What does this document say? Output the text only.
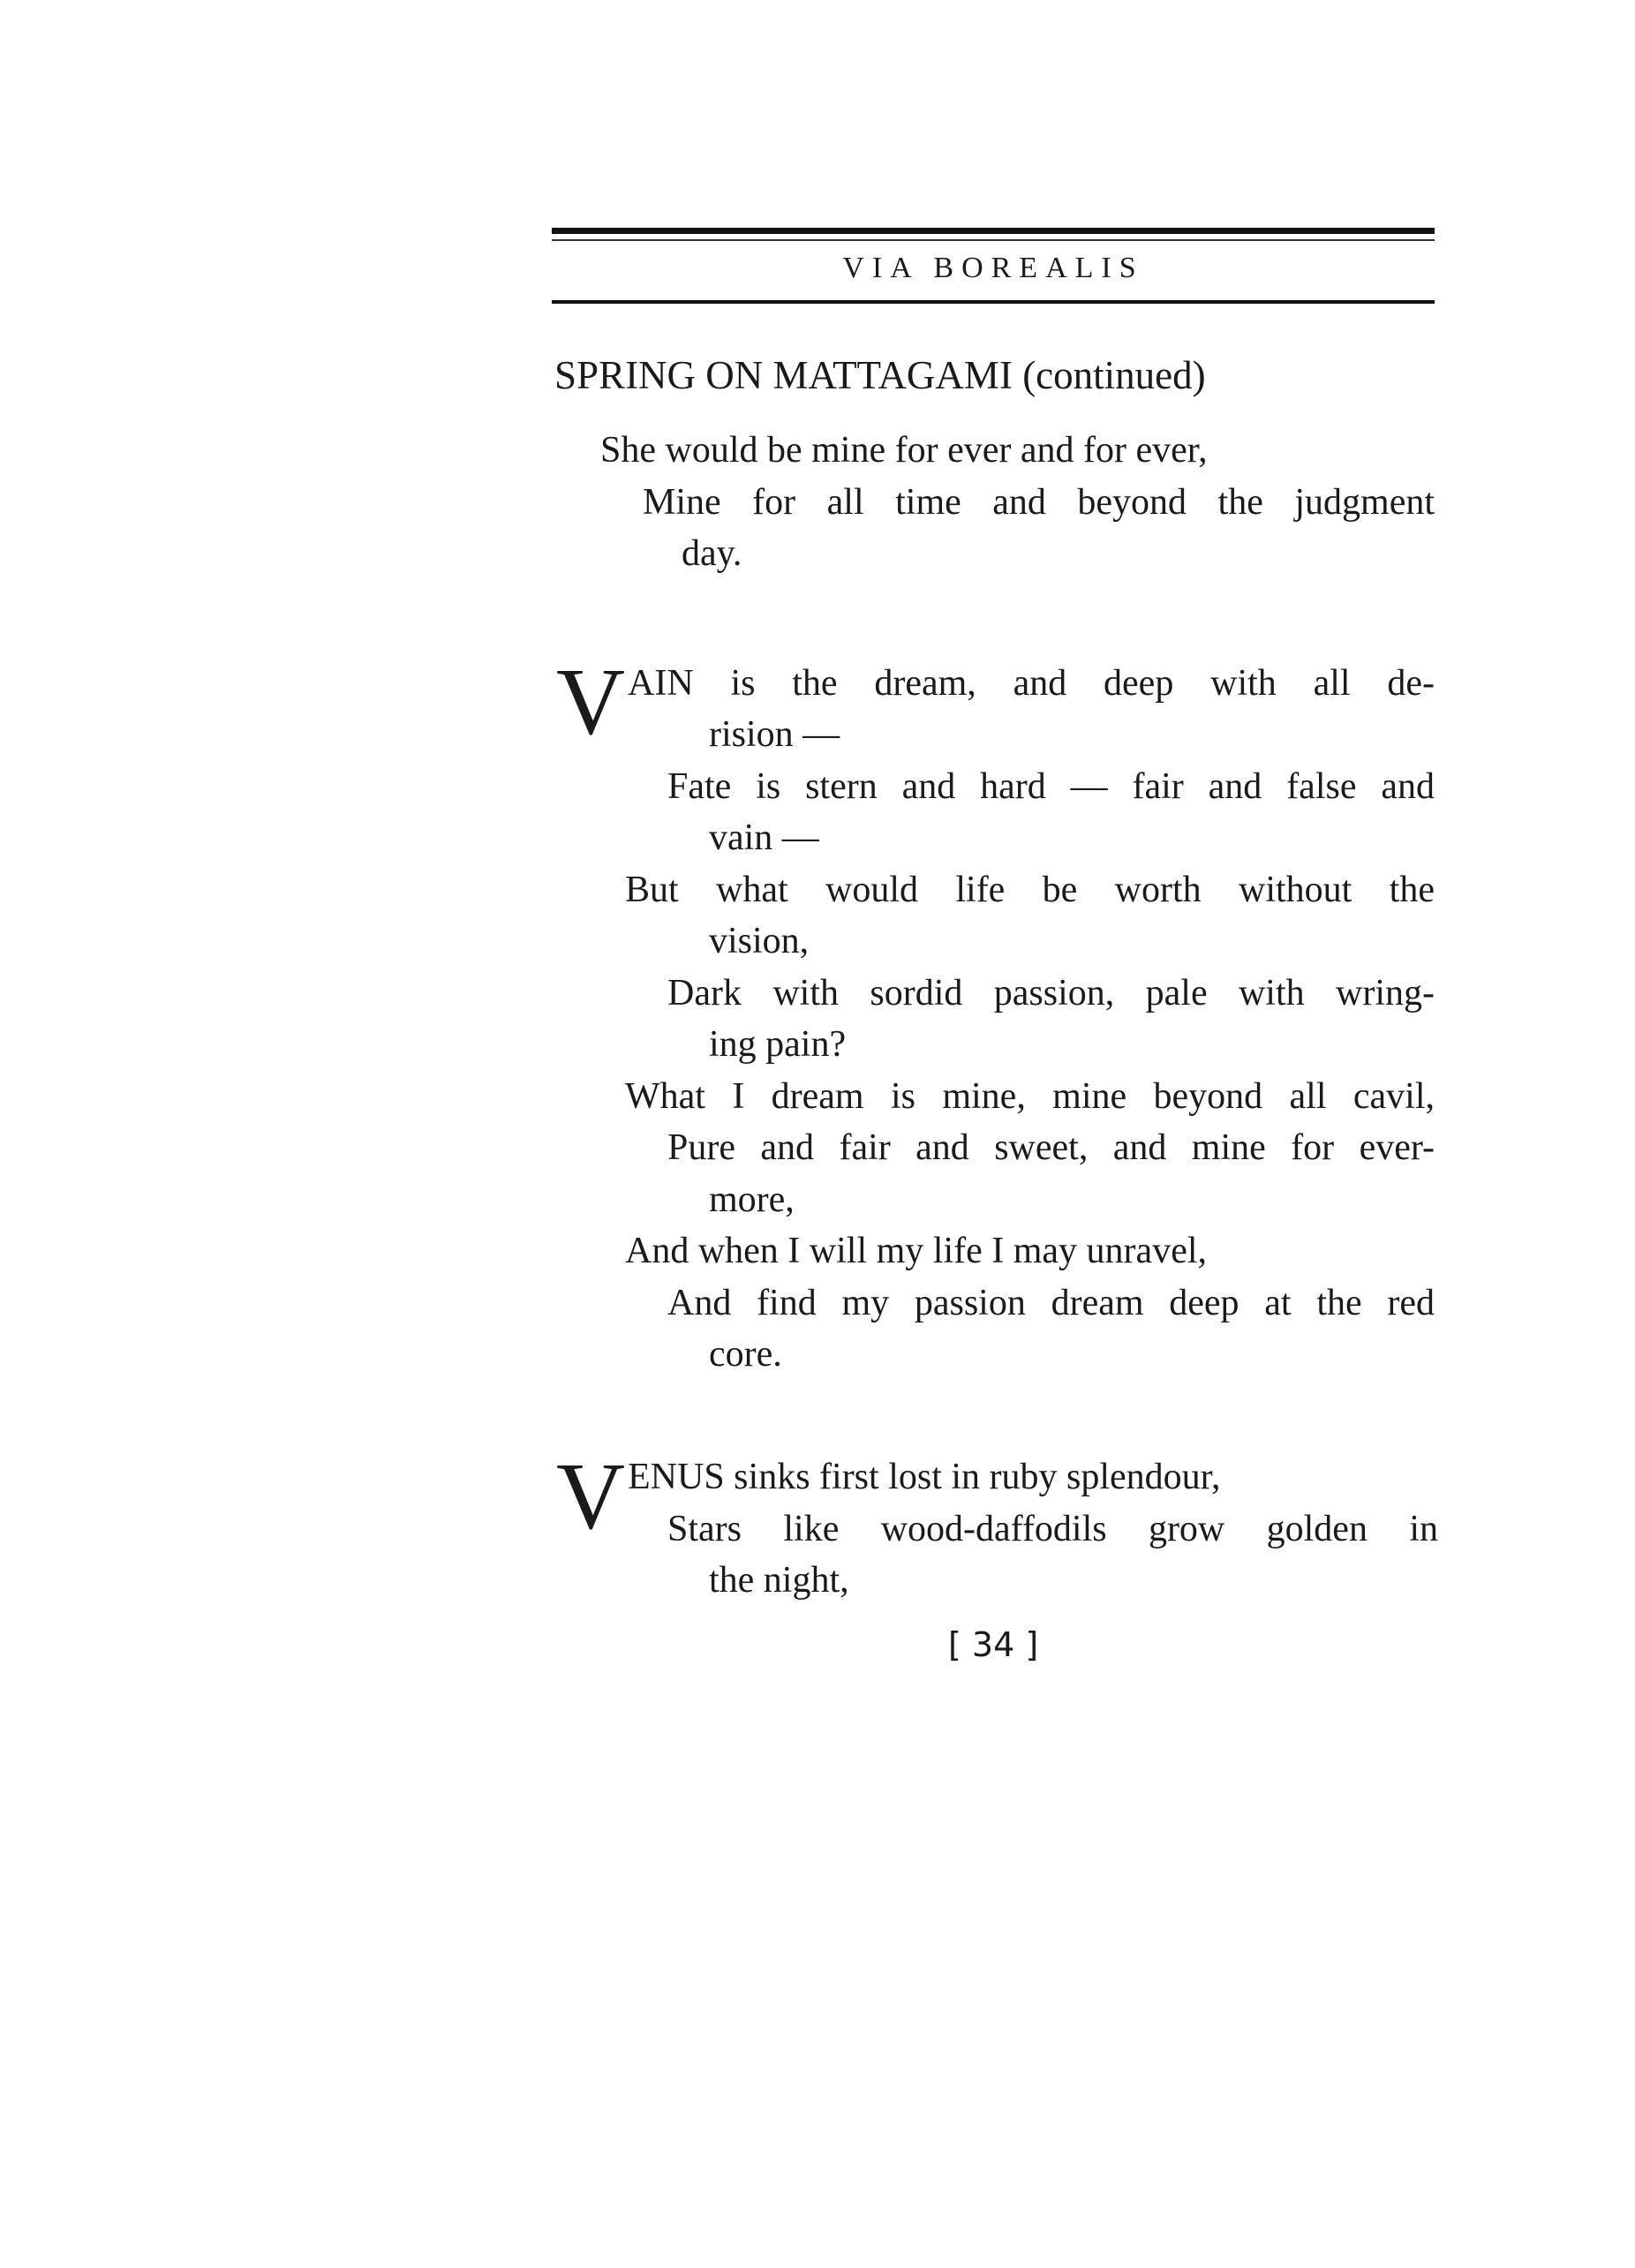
VIA BOREALIS
SPRING ON MATTAGAMI (continued)
She would be mine for ever and for ever,
Mine for all time and beyond the judgment
day.
V AIN is the dream, and deep with all de-
rision —
Fate is stern and hard — fair and false and
vain —
But what would life be worth without the
vision,
Dark with sordid passion, pale with wring-
ing pain?
What I dream is mine, mine beyond all cavil,
Pure and fair and sweet, and mine for ever-
more,
And when I will my life I may unravel,
And find my passion dream deep at the red
core.
V ENUS sinks first lost in ruby splendour,
Stars like wood-daffodils grow golden in
the night,
[ 34 ]
